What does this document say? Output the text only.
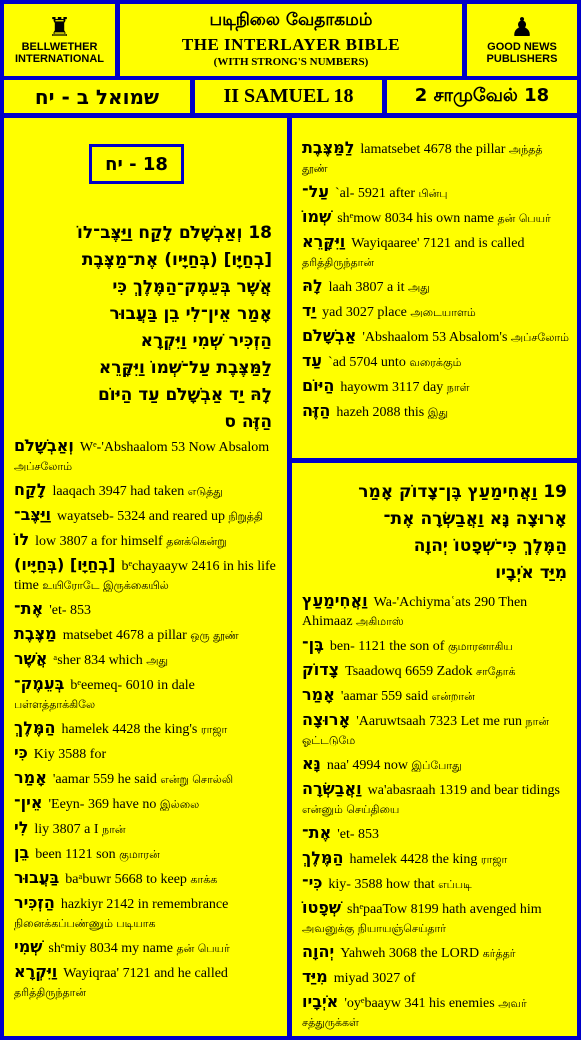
♜
BELLWETHER INTERNATIONAL
படிநிலை வேதாகமம்
THE INTERLAYER BIBLE
(WITH STRONG'S NUMBERS)
♟
GOOD NEWS PUBLISHERS
שמואל ב - יח	II SAMUEL 18	2 சாமுவேல் 18
18 - יח
18 וְאַבְשָׁלֹם לָקַח וַיַּצֶּב־לוֹ
[בְחַיָּו] (בְּחַיָּיו) אֶת־מַצֶּבֶת
אֲשֶׁר בְּעֵמֶק־הַמֶּלֶךְ כִּי
אָמַר אֵין־לִי בֵן בַּעֲבוּר
הַזְכִּיר שְׁמִי וַיִּקְרָא
לַמַּצֶּבֶת עַל־שְׁמוֹ וַיִּקָּרֵא
לָהּ יַד אַבְשָׁלֹם עַד הַיּוֹם
הַזֶּה ס
וְאַבְשָׁלֹם Wᵉ-'Abshaalom 53 Now Absalom அப்சலோம்
לָקַח laaqach 3947 had taken எடுத்து
וַיַּצֶּב־ wayatseb- 5324 and reared up நிறுத்தி
לוֹ low 3807 a for himself தனக்கென்று
[בְחַיָּו] (בְּחַיָּיו) bᵉchayaayw 2416 in his life time உயிரோடே இருக்கையில்
אֶת־ 'et- 853
מַצֶּבֶת matsebet 4678 a pillar ஒரு தூண்
אֲשֶׁר ᵃsher 834 which அது
בְּעֵמֶק־ bᵉeemeq- 6010 in dale பள்ளத்தாக்கிலே
הַמֶּלֶךְ hamelek 4428 the king's ராஜா
כִּי Kiy 3588 for
אָמַר 'aamar 559 he said என்று சொல்லி
אֵין־ 'Eeyn- 369 have no இல்லை
לִי liy 3807 a I நான்
בֵן been 1121 son குமாரன்
בַּעֲבוּר baᵃbuwr 5668 to keep காக்க
הַזְכִּיר hazkiyr 2142 in remembrance நினைக்கப்பண்ணும் படியாக
שְׁמִי shᵉmiy 8034 my name தன் பெயர்
וַיִּקְרָא Wayiqraa' 7121 and he called தரித்திருந்தான்
לַמַּצֶּבֶת lamatsebet 4678 the pillar அந்தத் தூண்
עַל־ `al- 5921 after பின்பு
שְׁמוֹ shᵉmow 8034 his own name தன் பெயர்
וַיִּקָּרֵא Wayiqaaree' 7121 and is called தரித்திருந்தான்
לָהּ laah 3807 a it அது
יַד yad 3027 place அடையாளம்
אַבְשָׁלֹם 'Abshaalom 53 Absalom's அப்சலோம்
עַד `ad 5704 unto வரைக்கும்
הַיּוֹם hayowm 3117 day நாள்
הַזֶּה hazeh 2088 this இது
19 וַאֲחִימַעַץ בֶּן־צָדוֹק אָמַר
אָרוּצָה נָּא וַאֲבַשְּׂרָה אֶת־
הַמֶּלֶךְ כִּי־שְׁפָטוֹ יְהוָה
מִיַּד אֹיְבָיו
וַאֲחִימַעַץ Wa-'Achiymaʿats 290 Then Ahimaaz அகிமாஸ்
בֶּן־ ben- 1121 the son of குமாரனாகிய
צָדוֹק Tsaadowq 6659 Zadok சாதோக்
אָמַר 'aamar 559 said என்றான்
אָרוּצָה 'Aaruwtsaah 7323 Let me run நான் ஓட்டடுமே
נָּא naa' 4994 now இப்போது
וַאֲבַשְּׂרָה wa'abasraah 1319 and bear tidings என்னும் செய்தியை
אֶת־ 'et- 853
הַמֶּלֶךְ hamelek 4428 the king ராஜா
כִּי־ kiy- 3588 how that எப்படி
שְׁפָטוֹ shᵉpaaTow 8199 hath avenged him அவனுக்கு நியாயஞ்செய்தார்
יְהוָה Yahweh 3068 the LORD கர்த்தர்
מִיַּד miyad 3027 of
אֹיְבָיו 'oyᵉbaayw 341 his enemies அவர் சத்துருக்கள்
